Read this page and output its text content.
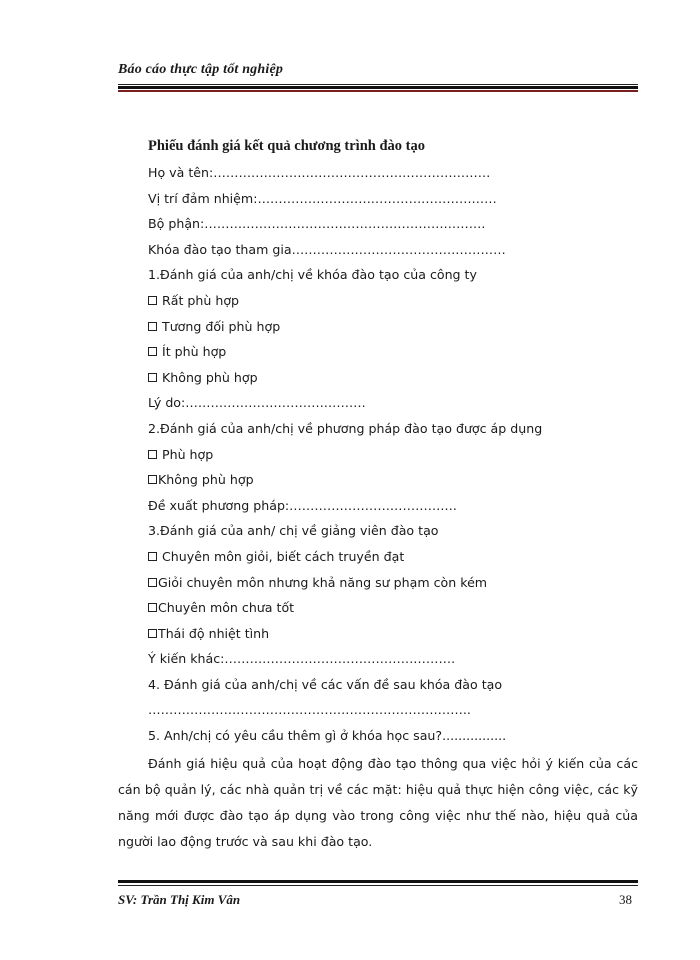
Báo cáo thực tập tốt nghiệp
Phiếu đánh giá kết quả chương trình đào tạo
Họ và tên:…………………………………………………………
Vị trí đảm nhiệm:…………………………………………………
Bộ phận:………………………………………………………….
Khóa đào tạo tham gia……………………………………………
1.Đánh giá của anh/chị về khóa đào tạo của công ty
Rất phù hợp
Tương đối phù hợp
Ít phù hợp
Không phù hợp
Lý do:…………………………………….
2.Đánh giá của anh/chị về phương pháp đào tạo được áp dụng
Phù hợp
Không phù hợp
Đề xuất phương pháp:………………………………….
3.Đánh giá của anh/ chị về giảng viên đào tạo
Chuyên môn giỏi, biết cách truyền đạt
Giỏi chuyên môn nhưng khả năng sư phạm còn kém
Chuyên môn chưa tốt
Thái độ nhiệt tình
Ý kiến khác:……………………………………………….
4. Đánh giá của anh/chị về các vấn đề sau khóa đào tạo
…………………………………………………………………..
5. Anh/chị có yêu cầu thêm gì ở khóa học sau?................
Đánh giá hiệu quả của hoạt động đào tạo thông qua việc hỏi ý kiến của các cán bộ quản lý, các nhà quản trị về các mặt: hiệu quả thực hiện công việc, các kỹ năng mới được đào tạo áp dụng vào trong công việc như thế nào, hiệu quả của người lao động trước và sau khi đào tạo.
SV: Trần Thị Kim Vân	38
